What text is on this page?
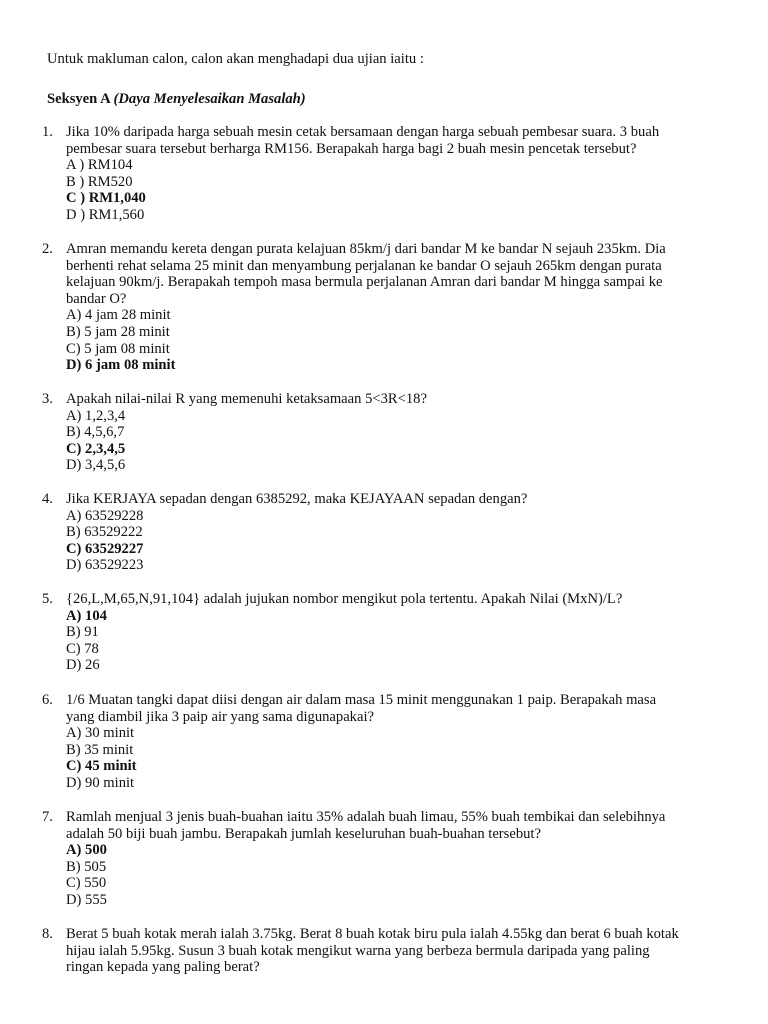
Untuk makluman calon, calon akan menghadapi dua ujian iaitu :
Seksyen A (Daya Menyelesaikan Masalah)
1. Jika 10% daripada harga sebuah mesin cetak bersamaan dengan harga sebuah pembesar suara. 3 buah
pembesar suara tersebut berharga RM156. Berapakah harga bagi 2 buah mesin pencetak tersebut?
A ) RM104
B ) RM520
C ) RM1,040
D ) RM1,560
2. Amran memandu kereta dengan purata kelajuan 85km/j dari bandar M ke bandar N sejauh 235km. Dia
berhenti rehat selama 25 minit dan menyambung perjalanan ke bandar O sejauh 265km dengan purata
kelajuan 90km/j. Berapakah tempoh masa bermula perjalanan Amran dari bandar M hingga sampai ke
bandar O?
A) 4 jam 28 minit
B) 5 jam 28 minit
C) 5 jam 08 minit
D) 6 jam 08 minit
3. Apakah nilai-nilai R yang memenuhi ketaksamaan 5<3R<18?
A) 1,2,3,4
B) 4,5,6,7
C) 2,3,4,5
D) 3,4,5,6
4. Jika KERJAYA sepadan dengan 6385292, maka KEJAYAAN sepadan dengan?
A) 63529228
B) 63529222
C) 63529227
D) 63529223
5. {26,L,M,65,N,91,104} adalah jujukan nombor mengikut pola tertentu. Apakah Nilai (MxN)/L?
A) 104
B) 91
C) 78
D) 26
6. 1/6 Muatan tangki dapat diisi dengan air dalam masa 15 minit menggunakan 1 paip. Berapakah masa
yang diambil jika 3 paip air yang sama digunapakai?
A) 30 minit
B) 35 minit
C) 45 minit
D) 90 minit
7. Ramlah menjual 3 jenis buah-buahan iaitu 35% adalah buah limau, 55% buah tembikai dan selebihnya
adalah 50 biji buah jambu. Berapakah jumlah keseluruhan buah-buahan tersebut?
A) 500
B) 505
C) 550
D) 555
8. Berat 5 buah kotak merah ialah 3.75kg. Berat 8 buah kotak biru pula ialah 4.55kg dan berat 6 buah kotak
hijau ialah 5.95kg. Susun 3 buah kotak mengikut warna yang berbeza bermula daripada yang paling
ringan kepada yang paling berat?
